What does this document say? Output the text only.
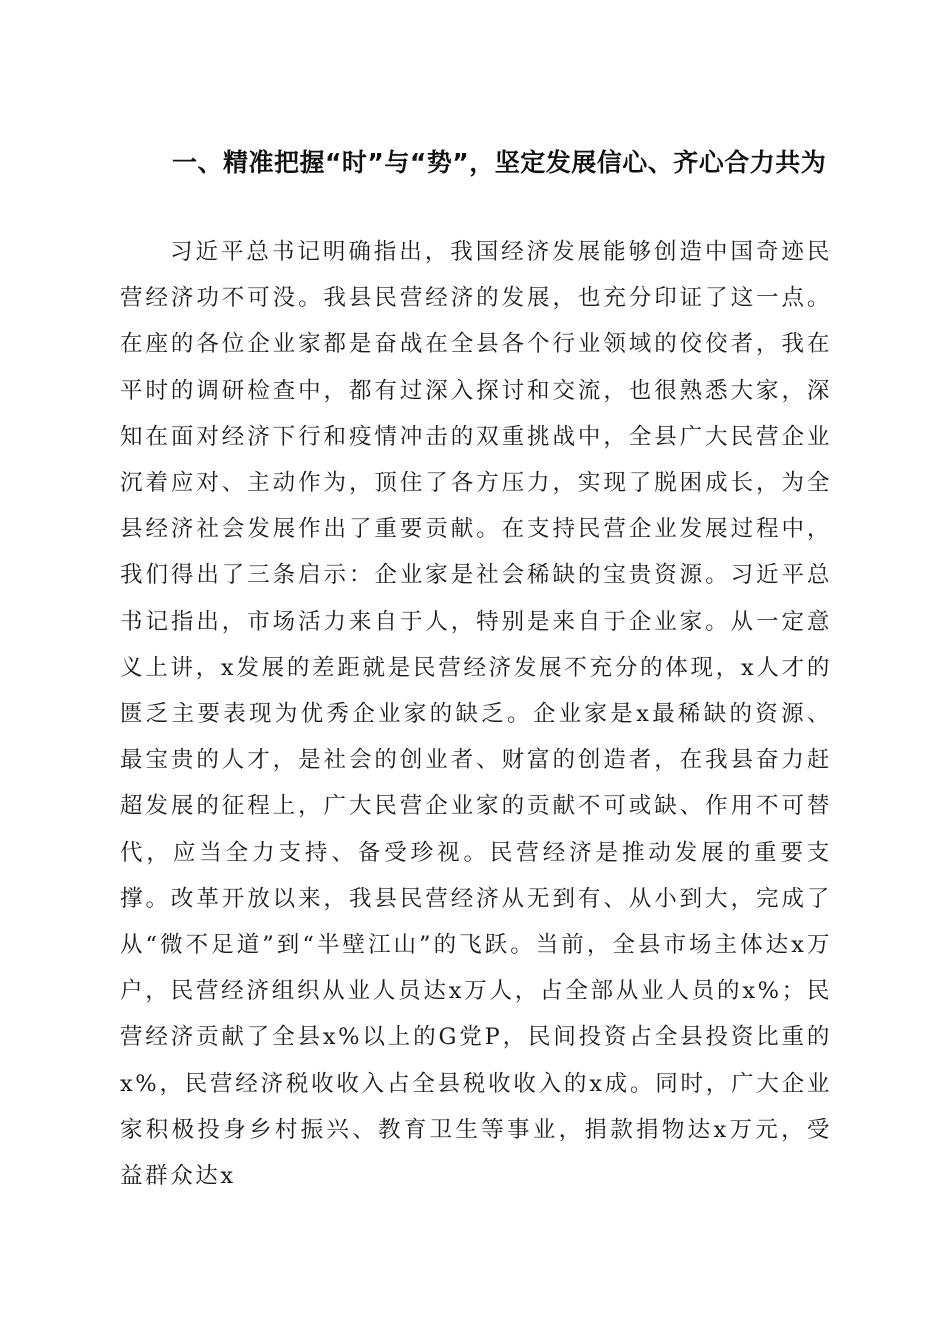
一、精准把握“时”与“势”，坚定发展信心、齐心合力共为

习近平总书记明确指出，我国经济发展能够创造中国奇迹民营经济功不可没。我县民营经济的发展，也充分印证了这一点。在座的各位企业家都是奋战在全县各个行业领域的佼佼者，我在平时的调研检查中，都有过深入探讨和交流，也很熟悉大家，深知在面对经济下行和疫情冲击的双重挑战中，全县广大民营企业沉着应对、主动作为，顶住了各方压力，实现了脱困成长，为全县经济社会发展作出了重要贡献。在支持民营企业发展过程中，我们得出了三条启示：企业家是社会稀缺的宝贵资源。习近平总书记指出，市场活力来自于人，特别是来自于企业家。从一定意义上讲，x发展的差距就是民营经济发展不充分的体现，x人才的匮乏主要表现为优秀企业家的缺乏。企业家是x最稀缺的资源、最宝贵的人才，是社会的创业者、财富的创造者，在我县奋力赶超发展的征程上，广大民营企业家的贡献不可或缺、作用不可替代，应当全力支持、备受珍视。民营经济是推动发展的重要支撑。改革开放以来，我县民营经济从无到有、从小到大，完成了从“微不足道”到“半壁江山”的飞跃。当前，全县市场主体达x万户，民营经济组织从业人员达x万人，占全部从业人员的x%；民营经济贡献了全县x%以上的G党P，民间投资占全县投资比重的x%，民营经济税收收入占全县税收收入的x成。同时，广大企业家积极投身乡村振兴、教育卫生等事业，捐款捐物达x万元，受益群众达x
